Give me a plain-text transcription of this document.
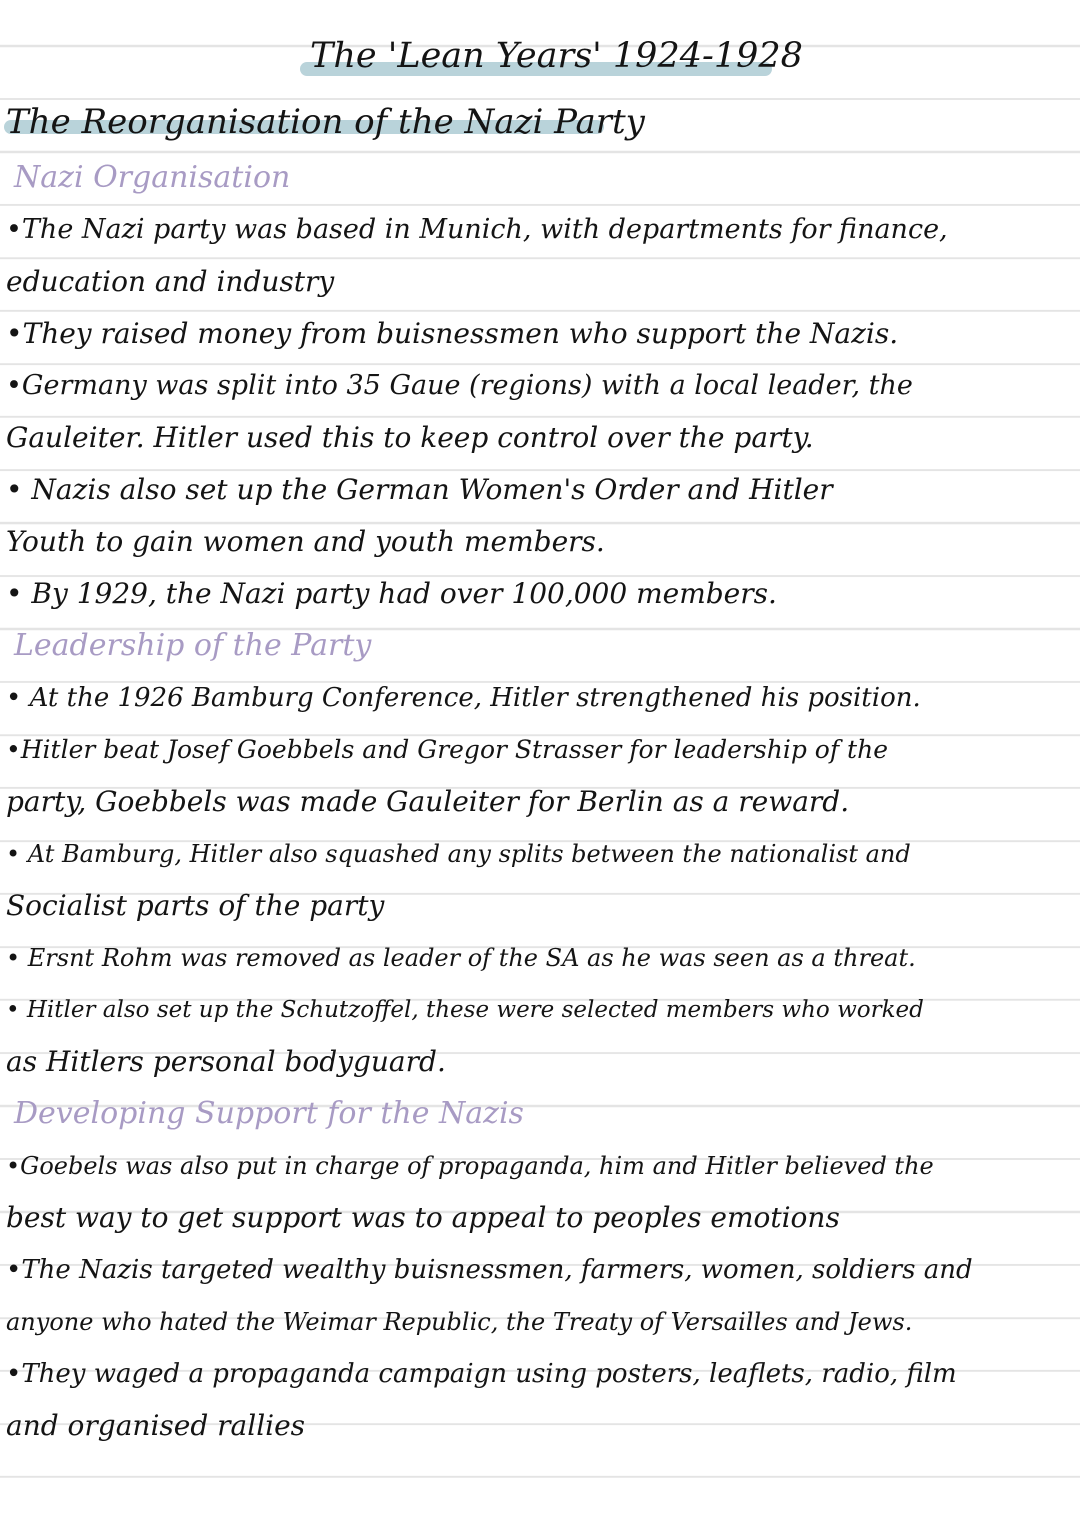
The 'Lean Years' 1924-1928
The Reorganisation of the Nazi Party
Nazi Organisation

•The Nazi party was based in Munich, with departments for finance,

education and industry

•They raised money from buisnessmen who support the Nazis.

•Germany was split into 35 Gaue (regions) with a local leader, the

Gauleiter. Hitler used this to keep control over the party.

• Nazis also set up the German Women's Order and Hitler

Youth to gain women and youth members.

• By 1929, the Nazi party had over 100,000 members.

Leadership of the Party

• At the 1926 Bamburg Conference, Hitler strengthened his position.

•Hitler beat Josef Goebbels and Gregor Strasser for leadership of the

party, Goebbels was made Gauleiter for Berlin as a reward.

• At Bamburg, Hitler also squashed any splits between the nationalist and

Socialist parts of the party

• Ersnt Rohm was removed as leader of the SA as he was seen as a threat.

• Hitler also set up the Schutzoffel, these were selected members who worked

as Hitlers personal bodyguard.

Developing Support for the Nazis

•Goebels was also put in charge of propaganda, him and Hitler believed the

best way to get support was to appeal to peoples emotions

•The Nazis targeted wealthy buisnessmen, farmers, women, soldiers and

anyone who hated the Weimar Republic, the Treaty of Versailles and Jews.

•They waged a propaganda campaign using posters, leaflets, radio, film

and organised rallies
